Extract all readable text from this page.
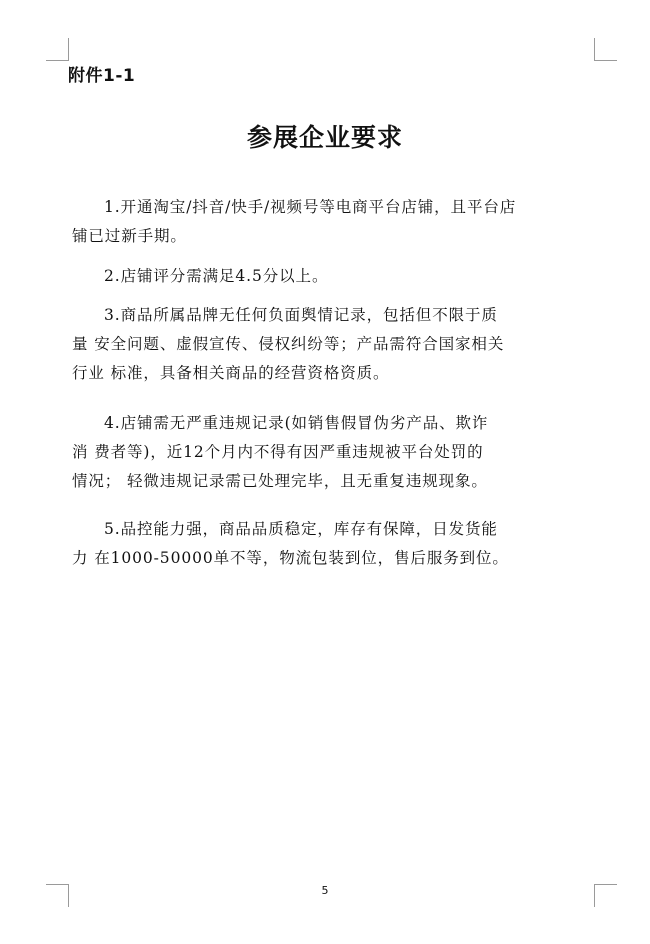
附件1-1
参展企业要求

1.开通淘宝/抖音/快手/视频号等电商平台店铺，且平台店
铺已过新手期。

2.店铺评分需满足4.5分以上。

3.商品所属品牌无任何负面舆情记录，包括但不限于质
量 安全问题、虚假宣传、侵权纠纷等；产品需符合国家相关
行业 标准，具备相关商品的经营资格资质。

4.店铺需无严重违规记录(如销售假冒伪劣产品、欺诈
消 费者等)，近12个月内不得有因严重违规被平台处罚的
情况； 轻微违规记录需已处理完毕，且无重复违规现象。

5.品控能力强，商品品质稳定，库存有保障，日发货能
力 在1000-50000单不等，物流包装到位，售后服务到位。

5
